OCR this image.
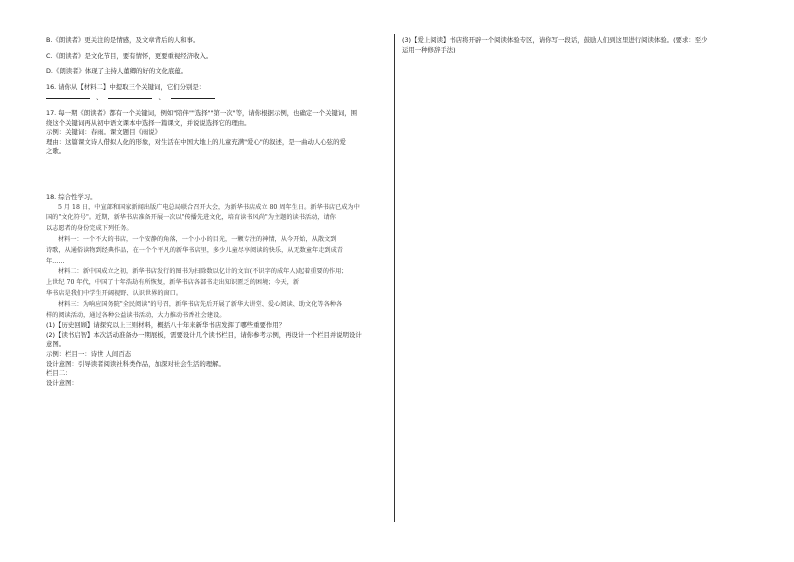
B.《朗读者》更关注的是情感，及文章背后的人和事。
C.《朗读者》是文化节目，要有情怀，更要重视经济收入。
D.《朗读者》体现了主持人董卿的好的文化底蕴。
16. 请你从【材料二】中提取三个关键词，它们分别是：
、	、
17. 每一期《朗读者》都有一个关键词，例如"陪伴""选择""第一次"等，请你根据示例，也确定一个关键词，围
绕这个关键词再从初中语文课本中选择一篇课文，并说说选择它的理由。
示例：关键词：春雨。课文题目《雨说》
理由：这篇课文诗人借拟人化的形象，对生活在中国大地上的儿童充满"爱心"的叙述，是一曲动人心弦的爱
之歌。
18. 综合性学习。
5 月 18 日，中宣部和国家新闻出版广电总局联合召开大会，为新华书店成立 80 周年生日。新华书店已成为中
国的"文化符号"。近期，新华书店准备开展一次以"传播先进文化，培育读书风尚"为主题的读书活动，请你
以志愿者的身份完成下列任务。
材料一：一个不大的书店，一个安静的角落，一个小小的目光，一颗专注的神情，从今开始，从散文到
诗歌，从通俗读物到经典作品，在一个个平凡的新华书店里，多少儿童尽享阅读的快乐，从无数童年走到成青
年……
材料二：新中国成立之初，新华书店发行的图书为扫除数以亿计的文盲(不识字的成年人)起着重要的作用；
上世纪 70 年代，中国了十年浩劫有所恢复，新华书店各部书走出知识匮乏的困境；今天，新
华书店是我们中学生开阔视野、认识世界的窗口。
材料三：为响应国务院"全民阅读"的号召，新华书店先后开展了新华大讲堂、爱心阅读、助文化等各种各
样的阅读活动，通过各种公益读书活动，大力推动书香社会建设。
(1)【历史回顾】请探究以上三则材料，概括八十年来新华书店发挥了哪些重要作用？
(2)【读书启智】本次活动准备办一期展板，需要设计几个读书栏目，请你参考示例，再设计一个栏目并说明设计
意图。
示例：栏目一：诗世 人间百态
设计意图：引导读者阅读社科类作品，加深对社会生活的理解。
栏目二：
设计意图：
(3)【爱上阅读】书店将开辟一个阅读体验专区，请你写一段话，鼓励人们到这里进行阅读体验。(要求：至少
运用一种修辞手法)
